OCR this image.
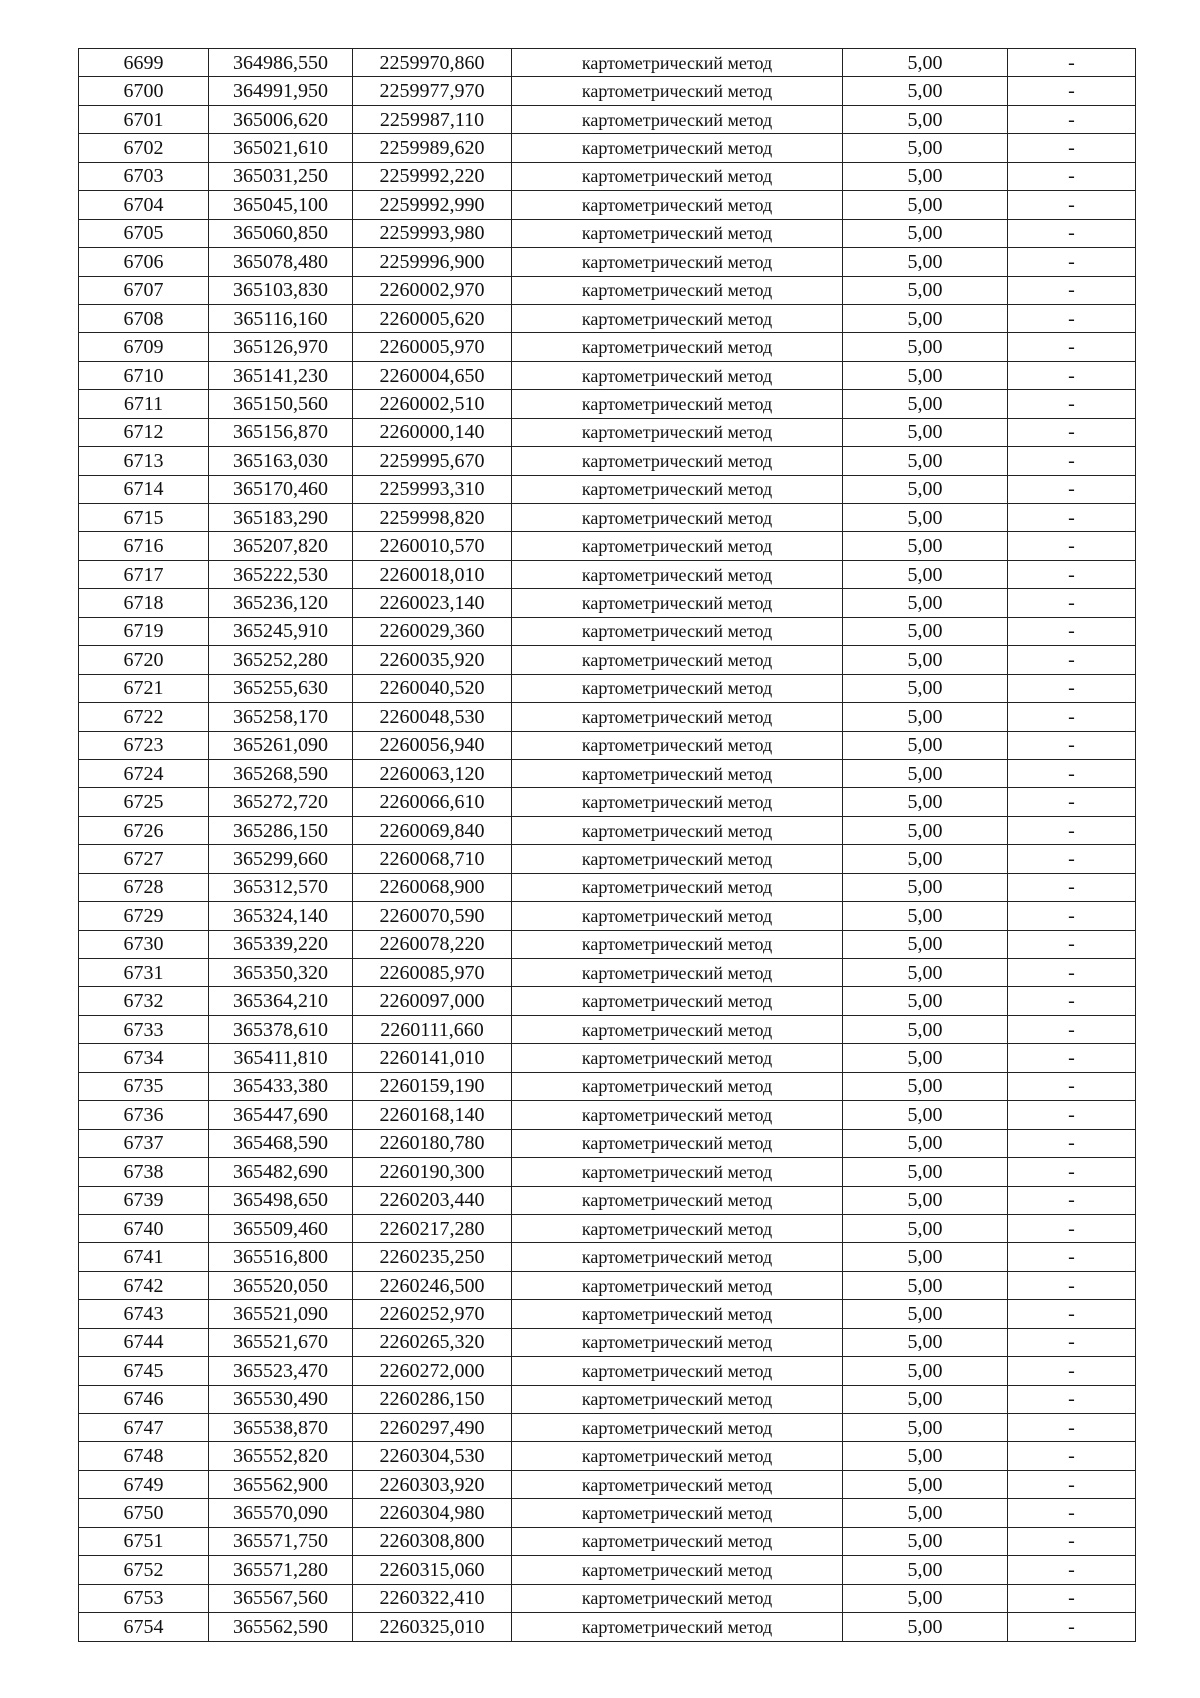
6699	364986,550	2259970,860	картометрический метод	5,00	-
6700	364991,950	2259977,970	картометрический метод	5,00	-
6701	365006,620	2259987,110	картометрический метод	5,00	-
6702	365021,610	2259989,620	картометрический метод	5,00	-
6703	365031,250	2259992,220	картометрический метод	5,00	-
6704	365045,100	2259992,990	картометрический метод	5,00	-
6705	365060,850	2259993,980	картометрический метод	5,00	-
6706	365078,480	2259996,900	картометрический метод	5,00	-
6707	365103,830	2260002,970	картометрический метод	5,00	-
6708	365116,160	2260005,620	картометрический метод	5,00	-
6709	365126,970	2260005,970	картометрический метод	5,00	-
6710	365141,230	2260004,650	картометрический метод	5,00	-
6711	365150,560	2260002,510	картометрический метод	5,00	-
6712	365156,870	2260000,140	картометрический метод	5,00	-
6713	365163,030	2259995,670	картометрический метод	5,00	-
6714	365170,460	2259993,310	картометрический метод	5,00	-
6715	365183,290	2259998,820	картометрический метод	5,00	-
6716	365207,820	2260010,570	картометрический метод	5,00	-
6717	365222,530	2260018,010	картометрический метод	5,00	-
6718	365236,120	2260023,140	картометрический метод	5,00	-
6719	365245,910	2260029,360	картометрический метод	5,00	-
6720	365252,280	2260035,920	картометрический метод	5,00	-
6721	365255,630	2260040,520	картометрический метод	5,00	-
6722	365258,170	2260048,530	картометрический метод	5,00	-
6723	365261,090	2260056,940	картометрический метод	5,00	-
6724	365268,590	2260063,120	картометрический метод	5,00	-
6725	365272,720	2260066,610	картометрический метод	5,00	-
6726	365286,150	2260069,840	картометрический метод	5,00	-
6727	365299,660	2260068,710	картометрический метод	5,00	-
6728	365312,570	2260068,900	картометрический метод	5,00	-
6729	365324,140	2260070,590	картометрический метод	5,00	-
6730	365339,220	2260078,220	картометрический метод	5,00	-
6731	365350,320	2260085,970	картометрический метод	5,00	-
6732	365364,210	2260097,000	картометрический метод	5,00	-
6733	365378,610	2260111,660	картометрический метод	5,00	-
6734	365411,810	2260141,010	картометрический метод	5,00	-
6735	365433,380	2260159,190	картометрический метод	5,00	-
6736	365447,690	2260168,140	картометрический метод	5,00	-
6737	365468,590	2260180,780	картометрический метод	5,00	-
6738	365482,690	2260190,300	картометрический метод	5,00	-
6739	365498,650	2260203,440	картометрический метод	5,00	-
6740	365509,460	2260217,280	картометрический метод	5,00	-
6741	365516,800	2260235,250	картометрический метод	5,00	-
6742	365520,050	2260246,500	картометрический метод	5,00	-
6743	365521,090	2260252,970	картометрический метод	5,00	-
6744	365521,670	2260265,320	картометрический метод	5,00	-
6745	365523,470	2260272,000	картометрический метод	5,00	-
6746	365530,490	2260286,150	картометрический метод	5,00	-
6747	365538,870	2260297,490	картометрический метод	5,00	-
6748	365552,820	2260304,530	картометрический метод	5,00	-
6749	365562,900	2260303,920	картометрический метод	5,00	-
6750	365570,090	2260304,980	картометрический метод	5,00	-
6751	365571,750	2260308,800	картометрический метод	5,00	-
6752	365571,280	2260315,060	картометрический метод	5,00	-
6753	365567,560	2260322,410	картометрический метод	5,00	-
6754	365562,590	2260325,010	картометрический метод	5,00	-
